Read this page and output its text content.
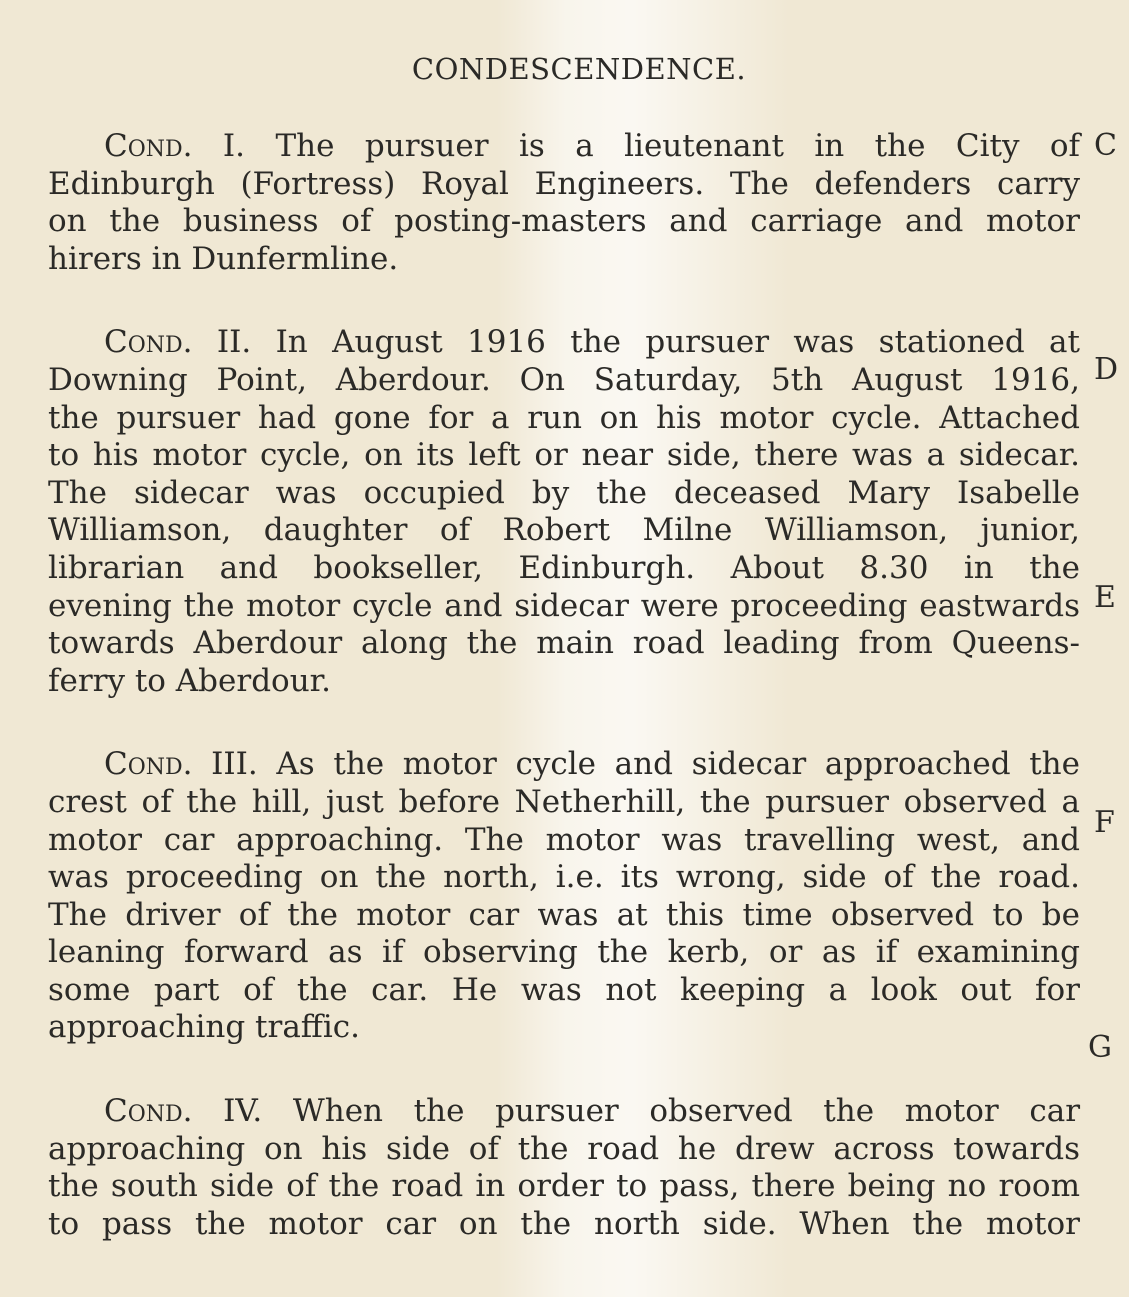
CONDESCENDENCE.
Cond. I. The pursuer is a lieutenant in the City of
Edinburgh (Fortress) Royal Engineers. The defenders carry
on the business of posting-masters and carriage and motor
hirers in Dunfermline.
Cond. II. In August 1916 the pursuer was stationed at
Downing Point, Aberdour. On Saturday, 5th August 1916,
the pursuer had gone for a run on his motor cycle. Attached
to his motor cycle, on its left or near side, there was a sidecar.
The sidecar was occupied by the deceased Mary Isabelle
Williamson, daughter of Robert Milne Williamson, junior,
librarian and bookseller, Edinburgh. About 8.30 in the
evening the motor cycle and sidecar were proceeding eastwards
towards Aberdour along the main road leading from Queens-
ferry to Aberdour.
Cond. III. As the motor cycle and sidecar approached the
crest of the hill, just before Netherhill, the pursuer observed a
motor car approaching. The motor was travelling west, and
was proceeding on the north, i.e. its wrong, side of the road.
The driver of the motor car was at this time observed to be
leaning forward as if observing the kerb, or as if examining
some part of the car. He was not keeping a look out for
approaching traffic.
Cond. IV. When the pursuer observed the motor car
approaching on his side of the road he drew across towards
the south side of the road in order to pass, there being no room
to pass the motor car on the north side. When the motor
C
D
E
F
G
